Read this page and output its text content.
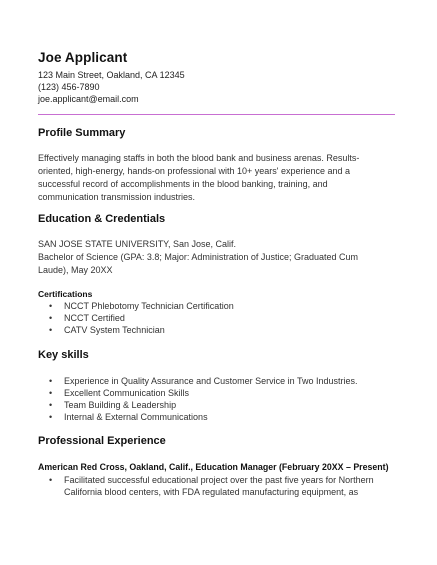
Joe Applicant
123 Main Street, Oakland, CA 12345
(123) 456-7890
joe.applicant@email.com
Profile Summary
Effectively managing staffs in both the blood bank and business arenas. Results-
oriented, high-energy, hands-on professional with 10+ years' experience and a
successful record of accomplishments in the blood banking, training, and
communication transmission industries.
Education & Credentials
SAN JOSE STATE UNIVERSITY, San Jose, Calif.
Bachelor of Science (GPA: 3.8; Major: Administration of Justice; Graduated Cum
Laude), May 20XX
Certifications
• NCCT Phlebotomy Technician Certification
• NCCT Certified
• CATV System Technician
Key skills
• Experience in Quality Assurance and Customer Service in Two Industries.
• Excellent Communication Skills
• Team Building & Leadership
• Internal & External Communications
Professional Experience
American Red Cross, Oakland, Calif., Education Manager (February 20XX – Present)
• Facilitated successful educational project over the past five years for Northern
California blood centers, with FDA regulated manufacturing equipment, as
